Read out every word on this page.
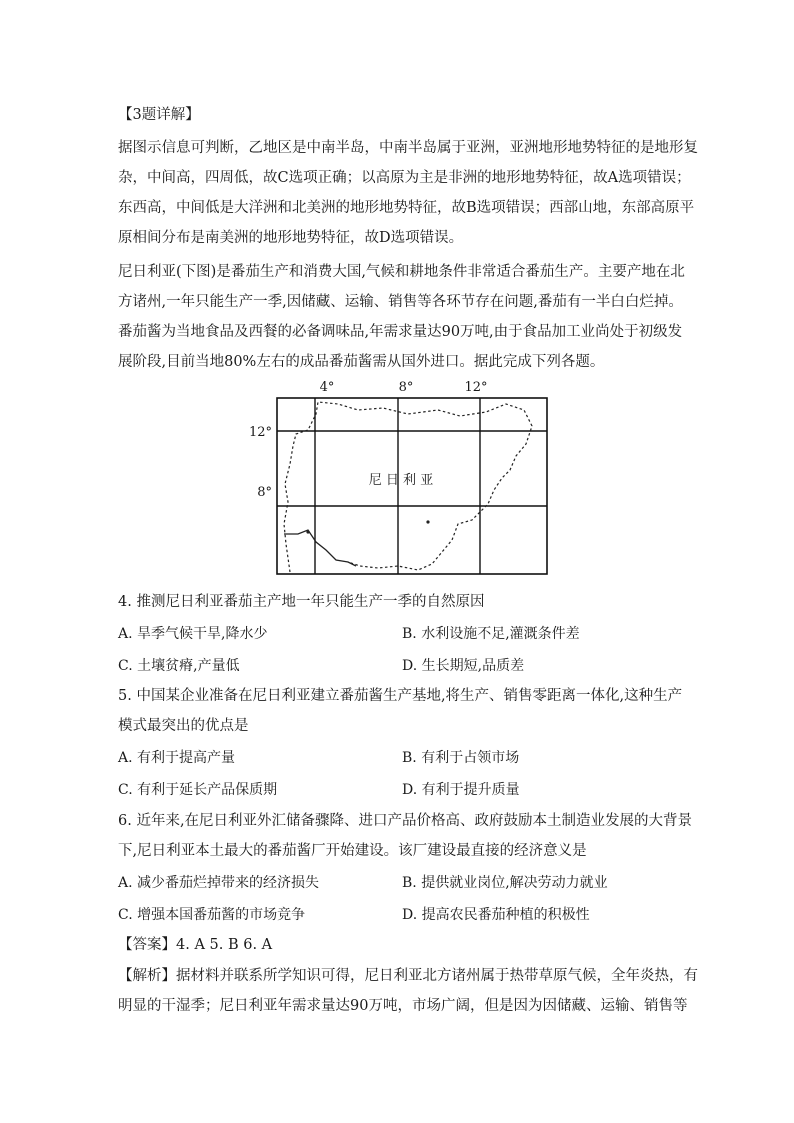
【3题详解】
据图示信息可判断，乙地区是中南半岛，中南半岛属于亚洲，亚洲地形地势特征的是地形复
杂，中间高，四周低，故C选项正确；以高原为主是非洲的地形地势特征，故A选项错误；
东西高，中间低是大洋洲和北美洲的地形地势特征，故B选项错误；西部山地，东部高原平
原相间分布是南美洲的地形地势特征，故D选项错误。
尼日利亚(下图)是番茄生产和消费大国,气候和耕地条件非常适合番茄生产。主要产地在北
方诸州,一年只能生产一季,因储藏、运输、销售等各环节存在问题,番茄有一半白白烂掉。
番茄酱为当地食品及西餐的必备调味品,年需求量达90万吨,由于食品加工业尚处于初级发
展阶段,目前当地80%左右的成品番茄酱需从国外进口。据此完成下列各题。
4°	8°	12°
12°
8°
尼 日 利 亚
4. 推测尼日利亚番茄主产地一年只能生产一季的自然原因
A. 旱季气候干旱,降水少	B. 水利设施不足,灌溉条件差
C. 土壤贫瘠,产量低	D. 生长期短,品质差
5. 中国某企业准备在尼日利亚建立番茄酱生产基地,将生产、销售零距离一体化,这种生产
模式最突出的优点是
A. 有利于提高产量	B. 有利于占领市场
C. 有利于延长产品保质期	D. 有利于提升质量
6. 近年来,在尼日利亚外汇储备骤降、进口产品价格高、政府鼓励本土制造业发展的大背景
下,尼日利亚本土最大的番茄酱厂开始建设。该厂建设最直接的经济意义是
A. 减少番茄烂掉带来的经济损失	B. 提供就业岗位,解决劳动力就业
C. 增强本国番茄酱的市场竞争	D. 提高农民番茄种植的积极性
【答案】4. A 5. B 6. A
【解析】据材料并联系所学知识可得，尼日利亚北方诸州属于热带草原气候，全年炎热，有
明显的干湿季；尼日利亚年需求量达90万吨，市场广阔，但是因为因储藏、运输、销售等
